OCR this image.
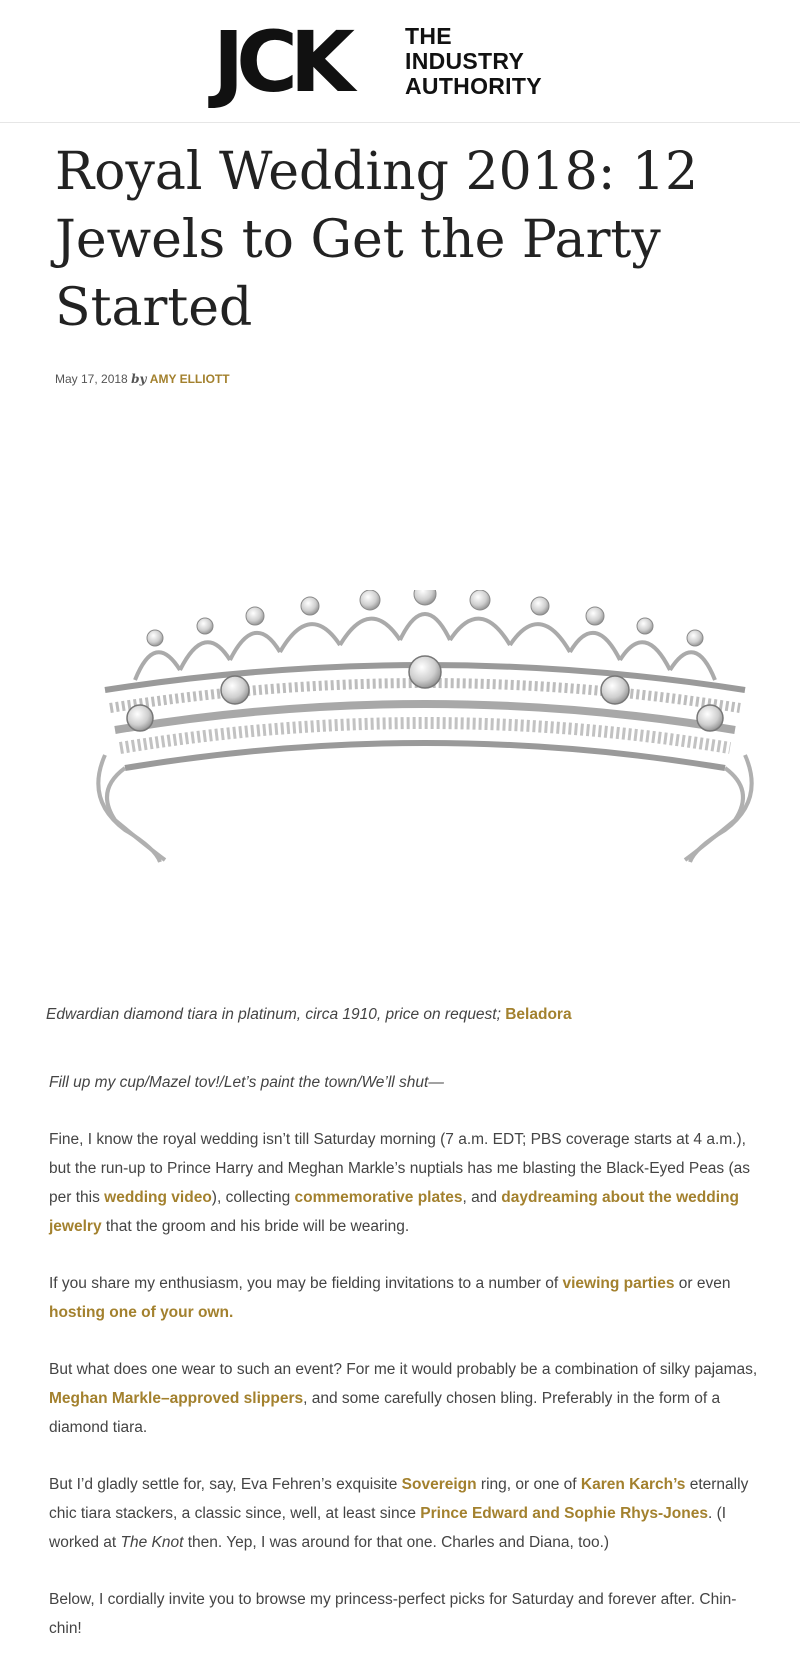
JCK	THE
INDUSTRY
AUTHORITY
Royal Wedding 2018: 12 Jewels to Get the Party Started
May 17, 2018 by AMY ELLIOTT
Edwardian diamond tiara in platinum, circa 1910, price on request; Beladora

Fill up my cup/Mazel tov!/Let’s paint the town/We’ll shut—

Fine, I know the royal wedding isn’t till Saturday morning (7 a.m. EDT; PBS coverage starts at 4 a.m.), but the run-up to Prince Harry and Meghan Markle’s nuptials has me blasting the Black-Eyed Peas (as per this wedding video), collecting commemorative plates, and daydreaming about the wedding jewelry that the groom and his bride will be wearing.

If you share my enthusiasm, you may be fielding invitations to a number of viewing parties or even hosting one of your own.

But what does one wear to such an event? For me it would probably be a combination of silky pajamas, Meghan Markle–approved slippers, and some carefully chosen bling. Preferably in the form of a diamond tiara.

But I’d gladly settle for, say, Eva Fehren’s exquisite Sovereign ring, or one of Karen Karch’s eternally chic tiara stackers, a classic since, well, at least since Prince Edward and Sophie Rhys-Jones. (I worked at The Knot then. Yep, I was around for that one. Charles and Diana, too.)

Below, I cordially invite you to browse my princess-perfect picks for Saturday and forever after. Chin-chin!
